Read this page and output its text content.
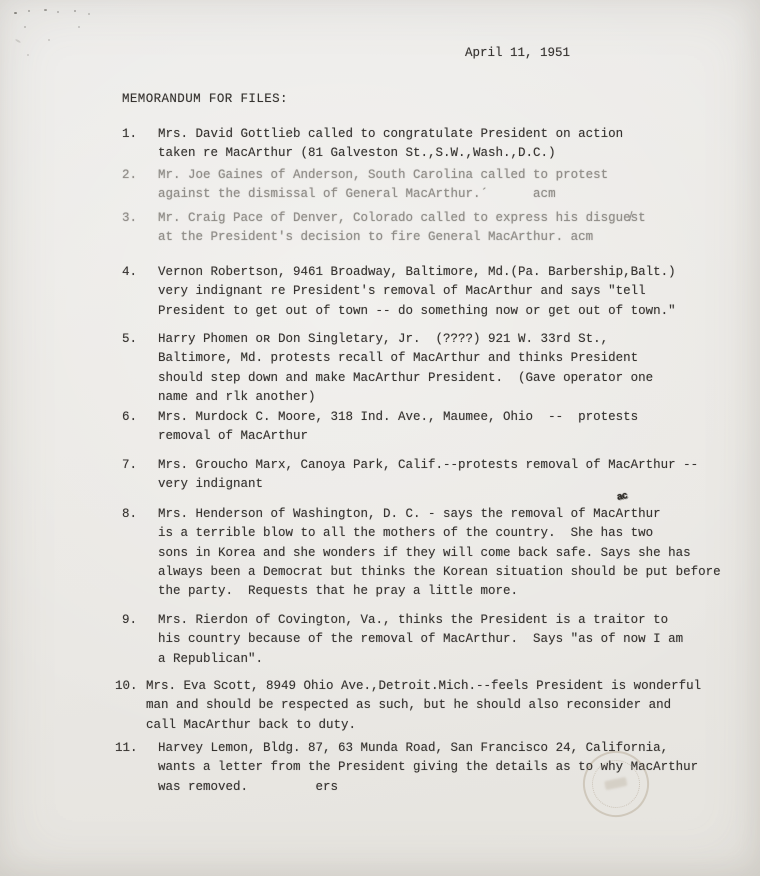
April 11, 1951
MEMORANDUM FOR FILES:
1. Mrs. David Gottlieb called to congratulate President on action
taken re MacArthur (81 Galveston St.,S.W.,Wash.,D.C.)
2. Mr. Joe Gaines of Anderson, South Carolina called to protest
against the dismissal of General MacArthur.´      acm
3. Mr. Craig Pace of Denver, Colorado called to express his disgue̸st
at the President's decision to fire General MacArthur. acm
4. Vernon Robertson, 9461 Broadway, Baltimore, Md.(Pa. Barbership,Balt.)
very indignant re President's removal of MacArthur and says "tell
President to get out of town -- do something now or get out of town."
5. Harry Phomen oʀ Don Singletary, Jr.  (????) 921 W. 33rd St.,
Baltimore, Md. protests recall of MacArthur and thinks President
should step down and make MacArthur President.  (Gave operator one
name and rlk another)
6. Mrs. Murdock C. Moore, 318 Ind. Ave., Maumee, Ohio  --  protests
removal of MacArthur
7. Mrs. Groucho Marx, Canoya Park, Calif.--protests removal of MacArthur --
very indignant
8. Mrs. Henderson of Washington, D. C. - says the removal of MacArthur
is a terrible blow to all the mothers of the country.  She has two
sons in Korea and she wonders if they will come back safe. Says she has
always been a Democrat but thinks the Korean situation should be put before
the party.  Requests that he pray a little more.
ac
9. Mrs. Rierdon of Covington, Va., thinks the President is a traitor to
his country because of the removal of MacArthur.  Says "as of now I am
a Republican".
10. Mrs. Eva Scott, 8949 Ohio Ave.,Detroit.Mich.--feels President is wonderful
man and should be respected as such, but he should also reconsider and
call MacArthur back to duty.
11. Harvey Lemon, Bldg. 87, 63 Munda Road, San Francisco 24, California,
wants a letter from the President giving the details as to why MacArthur
was removed.         ers
